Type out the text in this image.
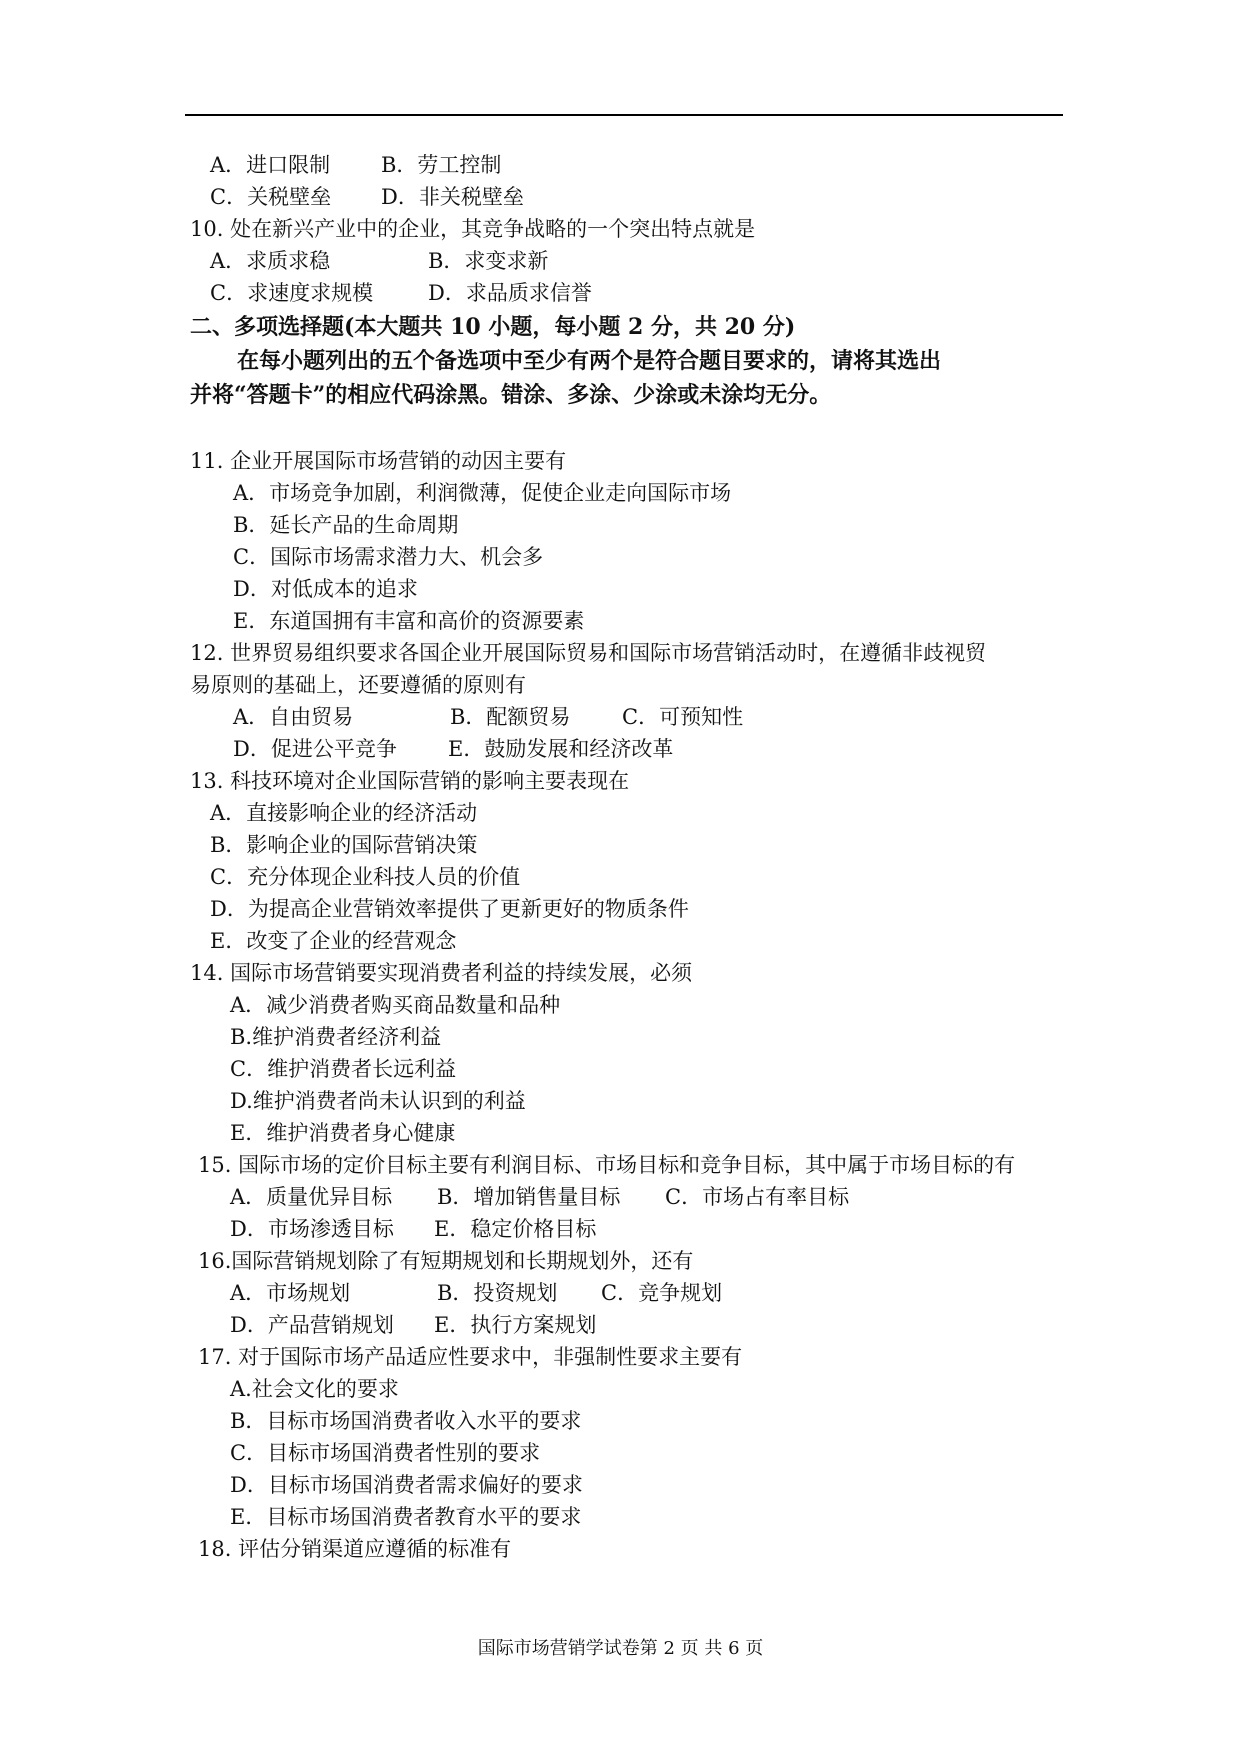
A．进口限制 B．劳工控制
C．关税壁垒 D．非关税壁垒
10. 处在新兴产业中的企业，其竞争战略的一个突出特点就是
A．求质求稳	B．求变求新
C．求速度求规模	D．求品质求信誉
二、多项选择题(本大题共 10 小题，每小题 2 分，共 20 分)
在每小题列出的五个备选项中至少有两个是符合题目要求的，请将其选出
并将“答题卡”的相应代码涂黑。错涂、多涂、少涂或未涂均无分。
11. 企业开展国际市场营销的动因主要有
A．市场竞争加剧，利润微薄，促使企业走向国际市场
B．延长产品的生命周期
C．国际市场需求潜力大、机会多
D．对低成本的追求
E．东道国拥有丰富和高价的资源要素
12. 世界贸易组织要求各国企业开展国际贸易和国际市场营销活动时，在遵循非歧视贸
易原则的基础上，还要遵循的原则有
A．自由贸易	B．配额贸易 C．可预知性
D．促进公平竞争 E．鼓励发展和经济改革
13. 科技环境对企业国际营销的影响主要表现在
A．直接影响企业的经济活动
B．影响企业的国际营销决策
C．充分体现企业科技人员的价值
D．为提高企业营销效率提供了更新更好的物质条件
E．改变了企业的经营观念
14. 国际市场营销要实现消费者利益的持续发展，必须
A．减少消费者购买商品数量和品种
B.维护消费者经济利益
C．维护消费者长远利益
D.维护消费者尚未认识到的利益
E．维护消费者身心健康
15. 国际市场的定价目标主要有利润目标、市场目标和竞争目标，其中属于市场目标的有
A．质量优异目标 B．增加销售量目标 C．市场占有率目标
D．市场渗透目标 E．稳定价格目标
16.国际营销规划除了有短期规划和长期规划外，还有
A．市场规划	B．投资规划 C．竞争规划
D．产品营销规划 E．执行方案规划
17. 对于国际市场产品适应性要求中，非强制性要求主要有
A.社会文化的要求
B．目标市场国消费者收入水平的要求
C．目标市场国消费者性别的要求
D．目标市场国消费者需求偏好的要求
E．目标市场国消费者教育水平的要求
18. 评估分销渠道应遵循的标准有
国际市场营销学试卷第 2 页 共 6 页
